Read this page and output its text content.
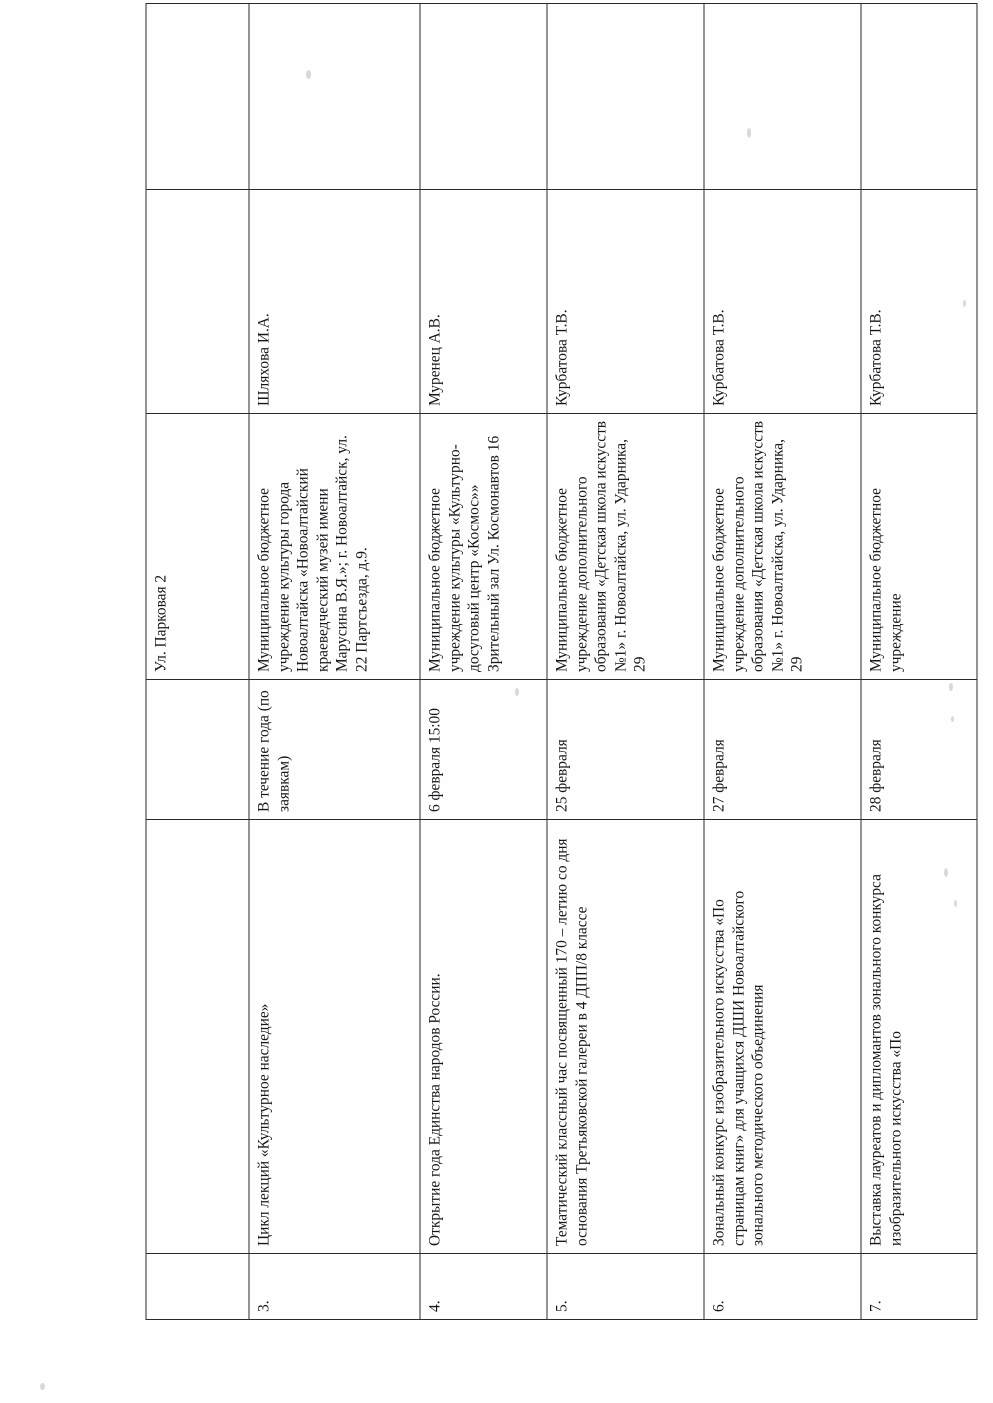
			Ул. Парковая 2		
3.	Цикл лекций «Культурное наследие»	В течение года (по заявкам)	Муниципальное бюджетное учреждение культуры города Новоалтайска «Новоалтайский краеведческий музей имени Марусина В.Я.»; г. Новоалтайск, ул. 22 Партсъезда, д.9.	Шляхова И.А.	
4.	Открытие года Единства народов России.	6 февраля 15:00	Муниципальное бюджетное учреждение культуры «Культурно-досуговый центр «Космос»» Зрительный зал Ул. Космонавтов 16	Муренец А.В.	
5.	Тематический классный час посвященный 170 – летию со дня основания Третьяковской галереи в 4 ДПП/8 классе	25 февраля	Муниципальное бюджетное учреждение дополнительного образования «Детская школа искусств №1» г. Новоалтайска, ул. Ударника, 29	Курбатова Т.В.	
6.	Зональный конкурс изобразительного искусства «По страницам книг» для учащихся ДШИ Новоалтайского зонального методического объединения	27 февраля	Муниципальное бюджетное учреждение дополнительного образования «Детская школа искусств №1» г. Новоалтайска, ул. Ударника, 29	Курбатова Т.В.	
7.	Выставка лауреатов и дипломантов зонального конкурса изобразительного искусства «По	28 февраля	Муниципальное бюджетное учреждение	Курбатова Т.В.	
